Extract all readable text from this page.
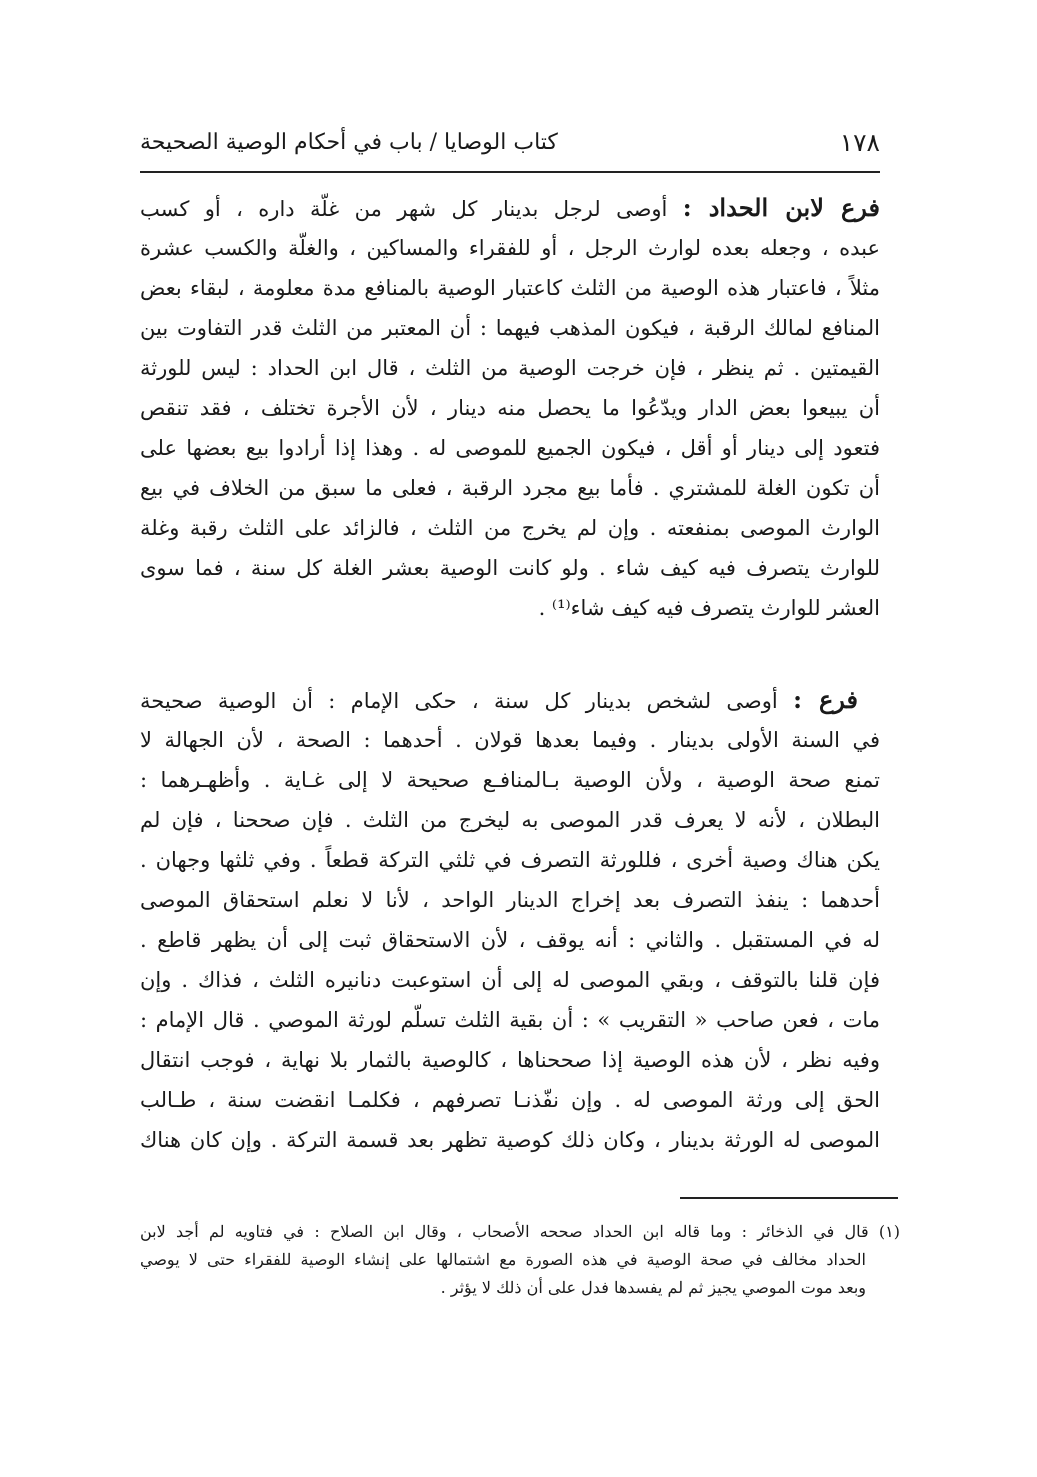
١٧٨
كتاب الوصايا / باب في أحكام الوصية الصحيحة
فرع لابن الحداد : أوصى لرجل بدينار كل شهر من غلّة داره ، أو كسب
عبده ، وجعله بعده لوارث الرجل ، أو للفقراء والمساكين ، والغلّة والكسب عشرة
مثلاً ، فاعتبار هذه الوصية من الثلث كاعتبار الوصية بالمنافع مدة معلومة ، لبقاء بعض
المنافع لمالك الرقبة ، فيكون المذهب فيهما : أن المعتبر من الثلث قدر التفاوت بين
القيمتين . ثم ينظر ، فإن خرجت الوصية من الثلث ، قال ابن الحداد : ليس للورثة
أن يبيعوا بعض الدار ويدّعُوا ما يحصل منه دينار ، لأن الأجرة تختلف ، فقد تنقص
فتعود إلى دينار أو أقل ، فيكون الجميع للموصى له . وهذا إذا أرادوا بيع بعضها على
أن تكون الغلة للمشتري . فأما بيع مجرد الرقبة ، فعلى ما سبق من الخلاف في بيع
الوارث الموصى بمنفعته . وإن لم يخرج من الثلث ، فالزائد على الثلث رقبة وغلة
للوارث يتصرف فيه كيف شاء . ولو كانت الوصية بعشر الغلة كل سنة ، فما سوى
العشر للوارث يتصرف فيه كيف شاء⁽¹⁾ .
فرع : أوصى لشخص بدينار كل سنة ، حكى الإمام : أن الوصية صحيحة
في السنة الأولى بدينار . وفيما بعدها قولان . أحدهما : الصحة ، لأن الجهالة لا
تمنع صحة الوصية ، ولأن الوصية بـالمنافـع صحيحة لا إلى غـاية . وأظهـرهما :
البطلان ، لأنه لا يعرف قدر الموصى به ليخرج من الثلث . فإن صححنا ، فإن لم
يكن هناك وصية أخرى ، فللورثة التصرف في ثلثي التركة قطعاً . وفي ثلثها وجهان .
أحدهما : ينفذ التصرف بعد إخراج الدينار الواحد ، لأنا لا نعلم استحقاق الموصى
له في المستقبل . والثاني : أنه يوقف ، لأن الاستحقاق ثبت إلى أن يظهر قاطع .
فإن قلنا بالتوقف ، وبقي الموصى له إلى أن استوعبت دنانيره الثلث ، فذاك . وإن
مات ، فعن صاحب « التقريب » : أن بقية الثلث تسلّم لورثة الموصي . قال الإمام :
وفيه نظر ، لأن هذه الوصية إذا صححناها ، كالوصية بالثمار بلا نهاية ، فوجب انتقال
الحق إلى ورثة الموصى له . وإن نفّذنـا تصرفهم ، فكلمـا انقضت سنة ، طـالب
الموصى له الورثة بدينار ، وكان ذلك كوصية تظهر بعد قسمة التركة . وإن كان هناك
(١) قال في الذخائر : وما قاله ابن الحداد صححه الأصحاب ، وقال ابن الصلاح : في فتاويه لم أجد لابن
الحداد مخالف في صحة الوصية في هذه الصورة مع اشتمالها على إنشاء الوصية للفقراء حتى لا يوصي
وبعد موت الموصي يجيز ثم لم يفسدها فدل على أن ذلك لا يؤثر .
